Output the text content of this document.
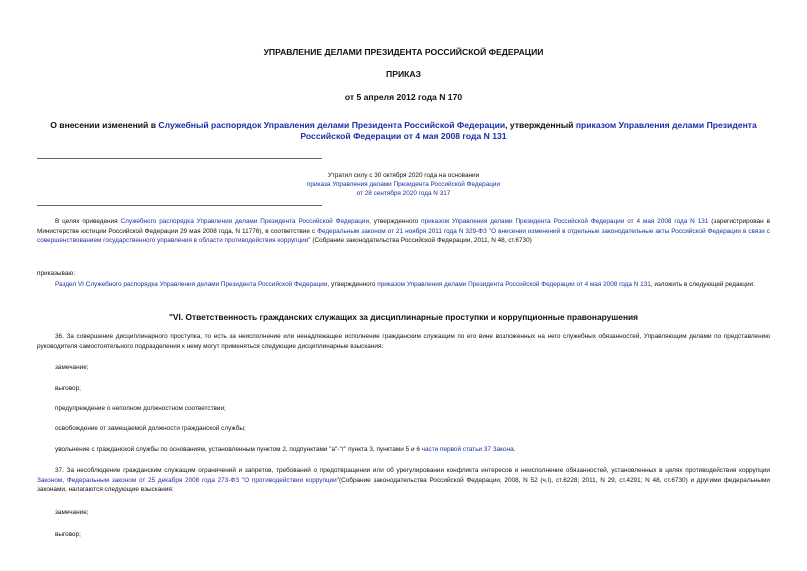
УПРАВЛЕНИЕ ДЕЛАМИ ПРЕЗИДЕНТА РОССИЙСКОЙ ФЕДЕРАЦИИ
ПРИКАЗ
от 5 апреля 2012 года N 170
О внесении изменений в Служебный распорядок Управления делами Президента Российской Федерации, утвержденный приказом Управления делами Президента Российской Федерации от 4 мая 2008 года N 131
Утратил силу с 30 октября 2020 года на основании
приказа Управления делами Президента Российской Федерации
от 28 сентября 2020 года N 317

В целях приведения Служебного распорядка Управления делами Президента Российской Федерации, утвержденного приказом Управления делами Президента Российской Федерации от 4 мая 2008 года N 131 (зарегистрирован в Министерстве юстиции Российской Федерации 29 мая 2008 года, N 11776), в соответствие с Федеральным законом от 21 ноября 2011 года N 329-ФЗ "О внесении изменений в отдельные законодательные акты Российской Федерации в связи с совершенствованием государственного управления в области противодействия коррупции" (Собрание законодательства Российской Федерации, 2011, N 48, ст.6730)

приказываю:

Раздел VI Служебного распорядка Управления делами Президента Российской Федерации, утвержденного приказом Управления делами Президента Российской Федерации от 4 мая 2008 года N 131, изложить в следующей редакции:

"VI. Ответственность гражданских служащих за дисциплинарные проступки и коррупционные правонарушения

36. За совершение дисциплинарного проступка, то есть за неисполнение или ненадлежащее исполнение гражданским служащим по его вине возложенных на него служебных обязанностей, Управляющим делами по представлению руководителя самостоятельного подразделения к нему могут применяться следующие дисциплинарные взыскания:

замечание;

выговор;

предупреждение о неполном должностном соответствии;

освобождение от замещаемой должности гражданской службы;

увольнение с гражданской службы по основаниям, установленным пунктом 2, подпунктами "а"-"г" пункта 3, пунктами 5 и 6 части первой статьи 37 Закона.

37. За несоблюдение гражданским служащим ограничений и запретов, требований о предотвращении или об урегулировании конфликта интересов и неисполнение обязанностей, установленных в целях противодействия коррупции Законом, Федеральным законом от 25 декабря 2008 года 273-ФЗ "О противодействии коррупции"(Собрание законодательства Российской Федерации, 2008, N 52 (ч.I), ст.6228; 2011, N 29, ст.4291; N 48, ст.6730) и другими федеральными законами, налагаются следующие взыскания:

замечание;

выговор;
